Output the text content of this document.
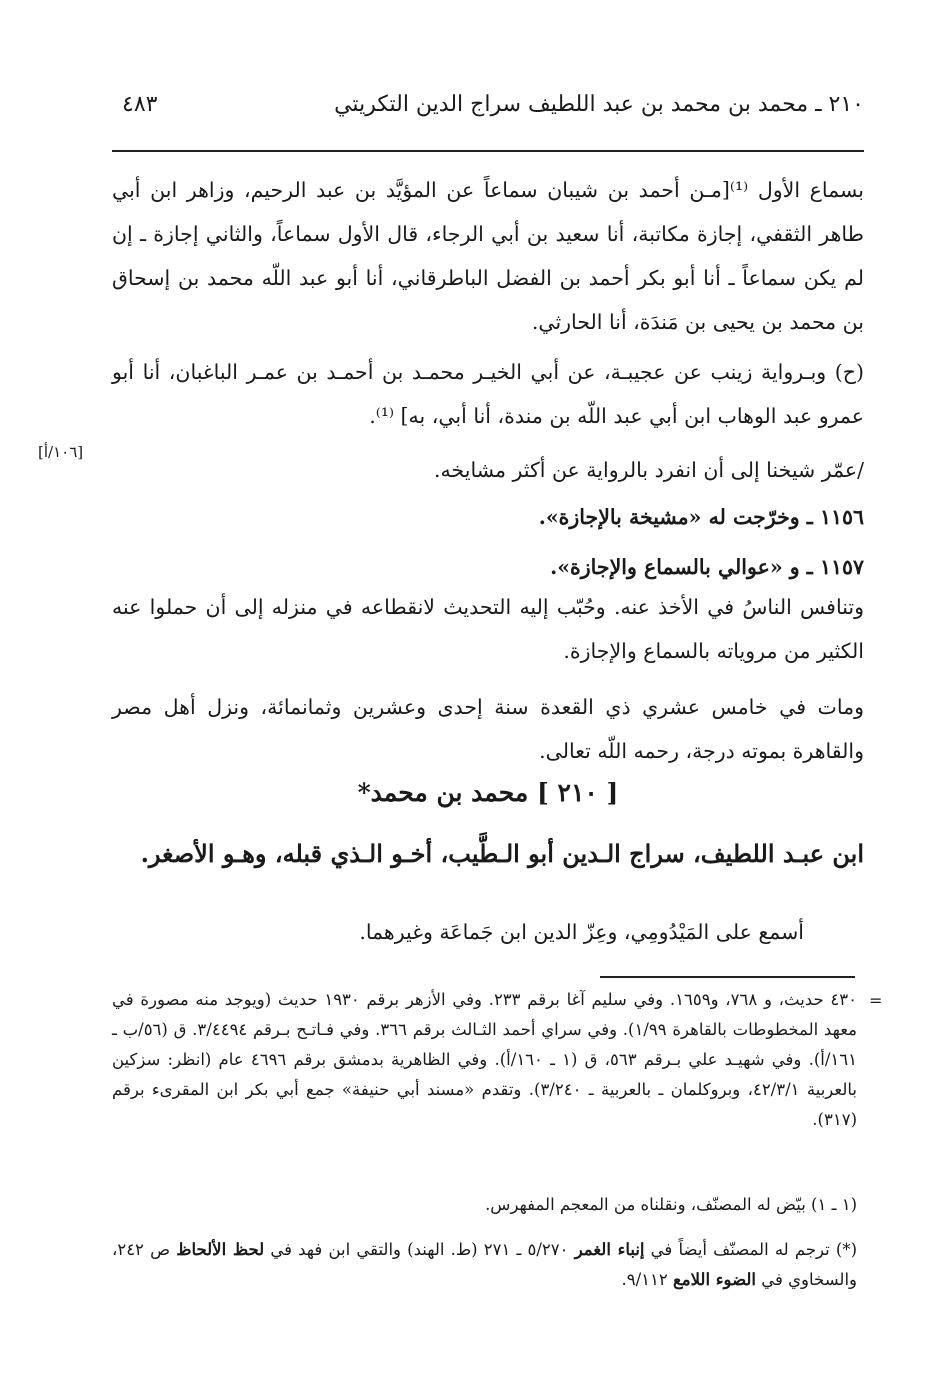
٢١٠ ـ محمد بن محمد بن عبد اللطيف سراج الدين التكريتي
٤٨٣
بسماع الأول ⁽¹⁾[مـن أحمد بن شيبان سماعاً عن المؤيَّد بن عبد الرحيم، وزاهر ابن أبي طاهر الثقفي، إجازة مكاتبة، أنا سعيد بن أبي الرجاء، قال الأول سماعاً، والثاني إجازة ـ إن لم يكن سماعاً ـ أنا أبو بكر أحمد بن الفضل الباطرقاني، أنا أبو عبد اللّه محمد بن إسحاق بن محمد بن يحيى بن مَندَة، أنا الحارثي.
(ح) وبـرواية زينب عن عجيبـة، عن أبي الخيـر محمـد بن أحمـد بن عمـر الباغبان، أنا أبو عمرو عبد الوهاب ابن أبي عبد اللّه بن مندة، أنا أبي، به] ⁽¹⁾.
[١٠٦/أ]
/عمّر شيخنا إلى أن انفرد بالرواية عن أكثر مشايخه.
١١٥٦ ـ وخرّجت له «مشيخة بالإجازة».
١١٥٧ ـ و «عوالي بالسماع والإجازة».
وتنافس الناسُ في الأخذ عنه. وحُبّب إليه التحديث لانقطاعه في منزله إلى أن حملوا عنه الكثير من مروياته بالسماع والإجازة.
ومات في خامس عشري ذي القعدة سنة إحدى وعشرين وثمانمائة، ونزل أهل مصر والقاهرة بموته درجة، رحمه اللّه تعالى.
[ ٢١٠ ] محمد بن محمد*
ابن عبـد اللطيف، سراج الـدين أبو الـطَّيب، أخـو الـذي قبله، وهـو الأصغر.
أسمع على المَيْدُومِي، وعِزّ الدين ابن جَماعَة وغيرهما.
=
٤٣٠ حديث، و ٧٦٨، و١٦٥٩. وفي سليم آغا برقم ٢٣٣. وفي الأزهر برقم ١٩٣٠ حديث (ويوجد منه مصورة في معهد المخطوطات بالقاهرة ١/٩٩). وفي سراي أحمد الثـالث برقم ٣٦٦. وفي فـاتـح بـرقم ٣/٤٤٩٤. ق (٥٦/ب ـ ١٦١/أ). وفي شهيـد علي بـرقم ٥٦٣، ق (١ ـ ١٦٠/أ). وفي الظاهرية بدمشق برقم ٤٦٩٦ عام (انظر: سزكين بالعربية ٤٢/٣/١، وبروكلمان ـ بالعربية ـ ٣/٢٤٠). وتقدم «مسند أبي حنيفة» جمع أبي بكر ابن المقرىء برقم (٣١٧).
(١ ـ ١) بيّض له المصنّف، ونقلناه من المعجم المفهرس.
(*) ترجم له المصنّف أيضاً في إنباء الغمر ٥/٢٧٠ ـ ٢٧١ (ط. الهند) والتقي ابن فهد في لحظ الألحاظ ص ٢٤٢، والسخاوي في الضوء اللامع ٩/١١٢.
